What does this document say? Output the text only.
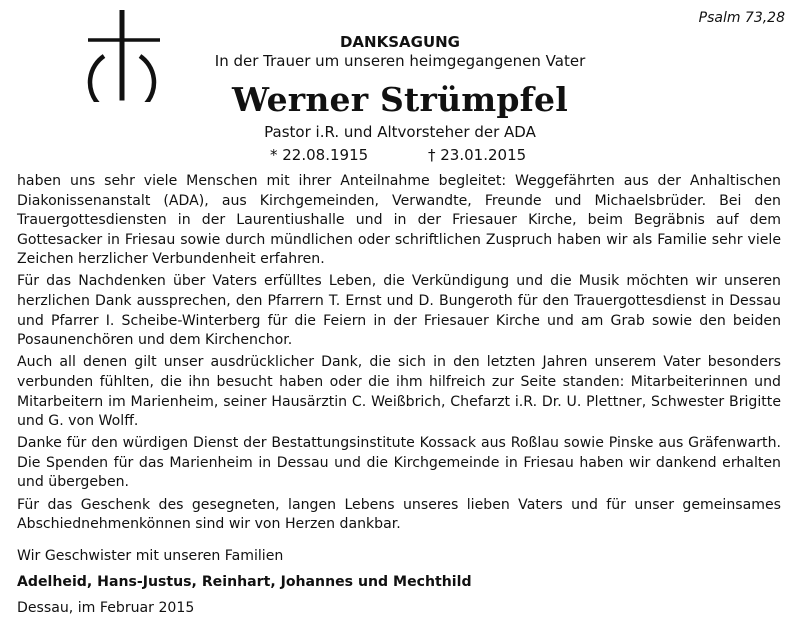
Psalm 73,28
DANKSAGUNG
In der Trauer um unseren heimgegangenen Vater
Werner Strümpfel
Pastor i.R. und Altvorsteher der ADA
* 22.08.1915	† 23.01.2015

haben uns sehr viele Menschen mit ihrer Anteilnahme begleitet: Weggefährten aus der Anhaltischen Diakonissenanstalt (ADA), aus Kirchgemeinden, Verwandte, Freunde und Michaelsbrüder. Bei den Trauergottesdiensten in der Laurentiushalle und in der Friesauer Kirche, beim Begräbnis auf dem Gottesacker in Friesau sowie durch mündlichen oder schriftlichen Zuspruch haben wir als Familie sehr viele Zeichen herzlicher Verbundenheit erfahren.

Für das Nachdenken über Vaters erfülltes Leben, die Verkündigung und die Musik möchten wir unseren herzlichen Dank aussprechen, den Pfarrern T. Ernst und D. Bungeroth für den Trauergottesdienst in Dessau und Pfarrer I. Scheibe-Winterberg für die Feiern in der Friesauer Kirche und am Grab sowie den beiden Posaunenchören und dem Kirchenchor.

Auch all denen gilt unser ausdrücklicher Dank, die sich in den letzten Jahren unserem Vater besonders verbunden fühlten, die ihn besucht haben oder die ihm hilfreich zur Seite standen: Mitarbeiterinnen und Mitarbeitern im Marienheim, seiner Hausärztin C. Weißbrich, Chefarzt i.R. Dr. U. Plettner, Schwester Brigitte und G. von Wolff.

Danke für den würdigen Dienst der Bestattungsinstitute Kossack aus Roßlau sowie Pinske aus Gräfenwarth. Die Spenden für das Marienheim in Dessau und die Kirchgemeinde in Friesau haben wir dankend erhalten und übergeben.

Für das Geschenk des gesegneten, langen Lebens unseres lieben Vaters und für unser gemeinsames Abschiednehmenkönnen sind wir von Herzen dankbar.

Wir Geschwister mit unseren Familien
Adelheid, Hans-Justus, Reinhart, Johannes und Mechthild
Dessau, im Februar 2015
